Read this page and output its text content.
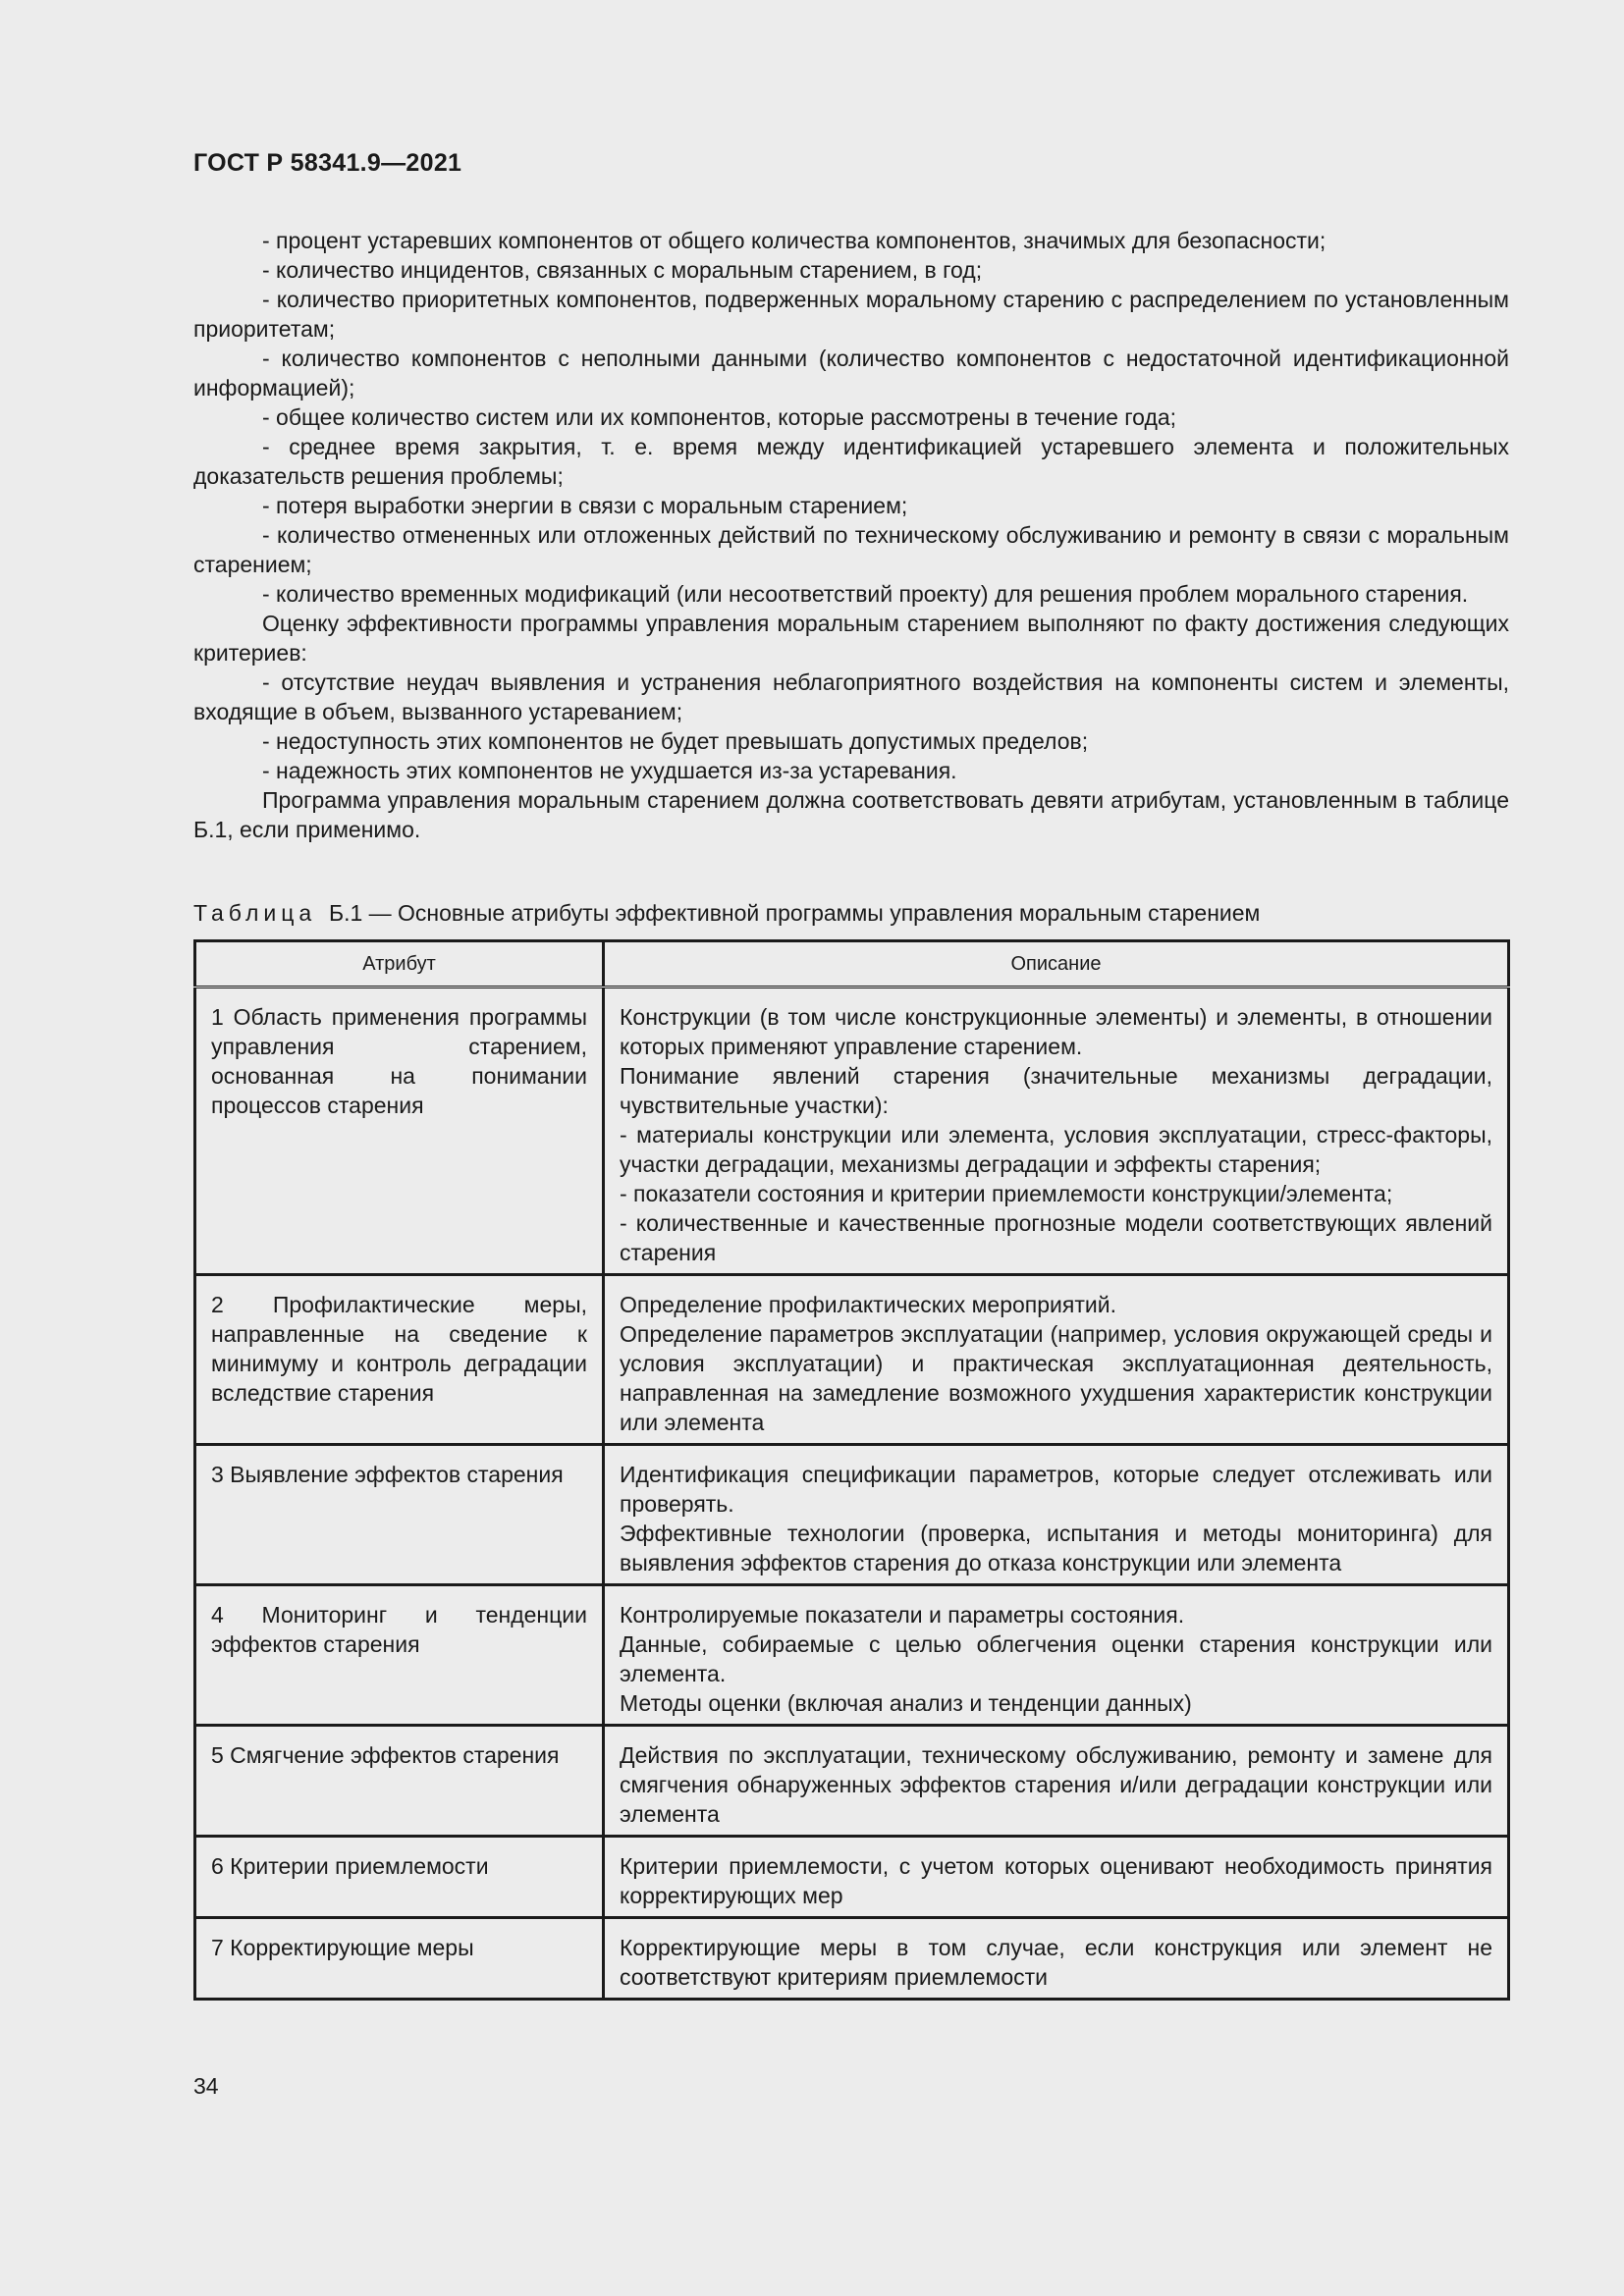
ГОСТ Р 58341.9—2021

- процент устаревших компонентов от общего количества компонентов, значимых для безопасности;

- количество инцидентов, связанных с моральным старением, в год;

- количество приоритетных компонентов, подверженных моральному старению с распределением по установленным приоритетам;

- количество компонентов с неполными данными (количество компонентов с недостаточной идентификационной информацией);

- общее количество систем или их компонентов, которые рассмотрены в течение года;

- среднее время закрытия, т. е. время между идентификацией устаревшего элемента и положительных доказательств решения проблемы;

- потеря выработки энергии в связи с моральным старением;

- количество отмененных или отложенных действий по техническому обслуживанию и ремонту в связи с моральным старением;

- количество временных модификаций (или несоответствий проекту) для решения проблем морального старения.

Оценку эффективности программы управления моральным старением выполняют по факту достижения следующих критериев:

- отсутствие неудач выявления и устранения неблагоприятного воздействия на компоненты систем и элементы, входящие в объем, вызванного устареванием;

- недоступность этих компонентов не будет превышать допустимых пределов;

- надежность этих компонентов не ухудшается из-за устаревания.

Программа управления моральным старением должна соответствовать девяти атрибутам, установленным в таблице Б.1, если применимо.

Таблица Б.1 — Основные атрибуты эффективной программы управления моральным старением
Атрибут	Описание
1 Область применения программы управления старением, основанная на понимании процессов старения	Конструкции (в том числе конструкционные элементы) и элементы, в отношении которых применяют управление старением.

Понимание явлений старения (значительные механизмы деградации, чувствительные участки):

- материалы конструкции или элемента, условия эксплуатации, стресс-факторы, участки деградации, механизмы деградации и эффекты старения;

- показатели состояния и критерии приемлемости конструкции/элемента;

- количественные и качественные прогнозные модели соответствующих явлений старения

2 Профилактические меры, направленные на сведение к минимуму и контроль деградации вследствие старения	Определение профилактических мероприятий.

Определение параметров эксплуатации (например, условия окружающей среды и условия эксплуатации) и практическая эксплуатационная деятельность, направленная на замедление возможного ухудшения характеристик конструкции или элемента

3 Выявление эффектов старения	Идентификация спецификации параметров, которые следует отслеживать или проверять.

Эффективные технологии (проверка, испытания и методы мониторинга) для выявления эффектов старения до отказа конструкции или элемента

4 Мониторинг и тенденции эффектов старения	Контролируемые показатели и параметры состояния.

Данные, собираемые с целью облегчения оценки старения конструкции или элемента.

Методы оценки (включая анализ и тенденции данных)

5 Смягчение эффектов старения	Действия по эксплуатации, техническому обслуживанию, ремонту и замене для смягчения обнаруженных эффектов старения и/или деградации конструкции или элемента

6 Критерии приемлемости	Критерии приемлемости, с учетом которых оценивают необходимость принятия корректирующих мер

7 Корректирующие меры	Корректирующие меры в том случае, если конструкция или элемент не соответствуют критериям приемлемости

34
